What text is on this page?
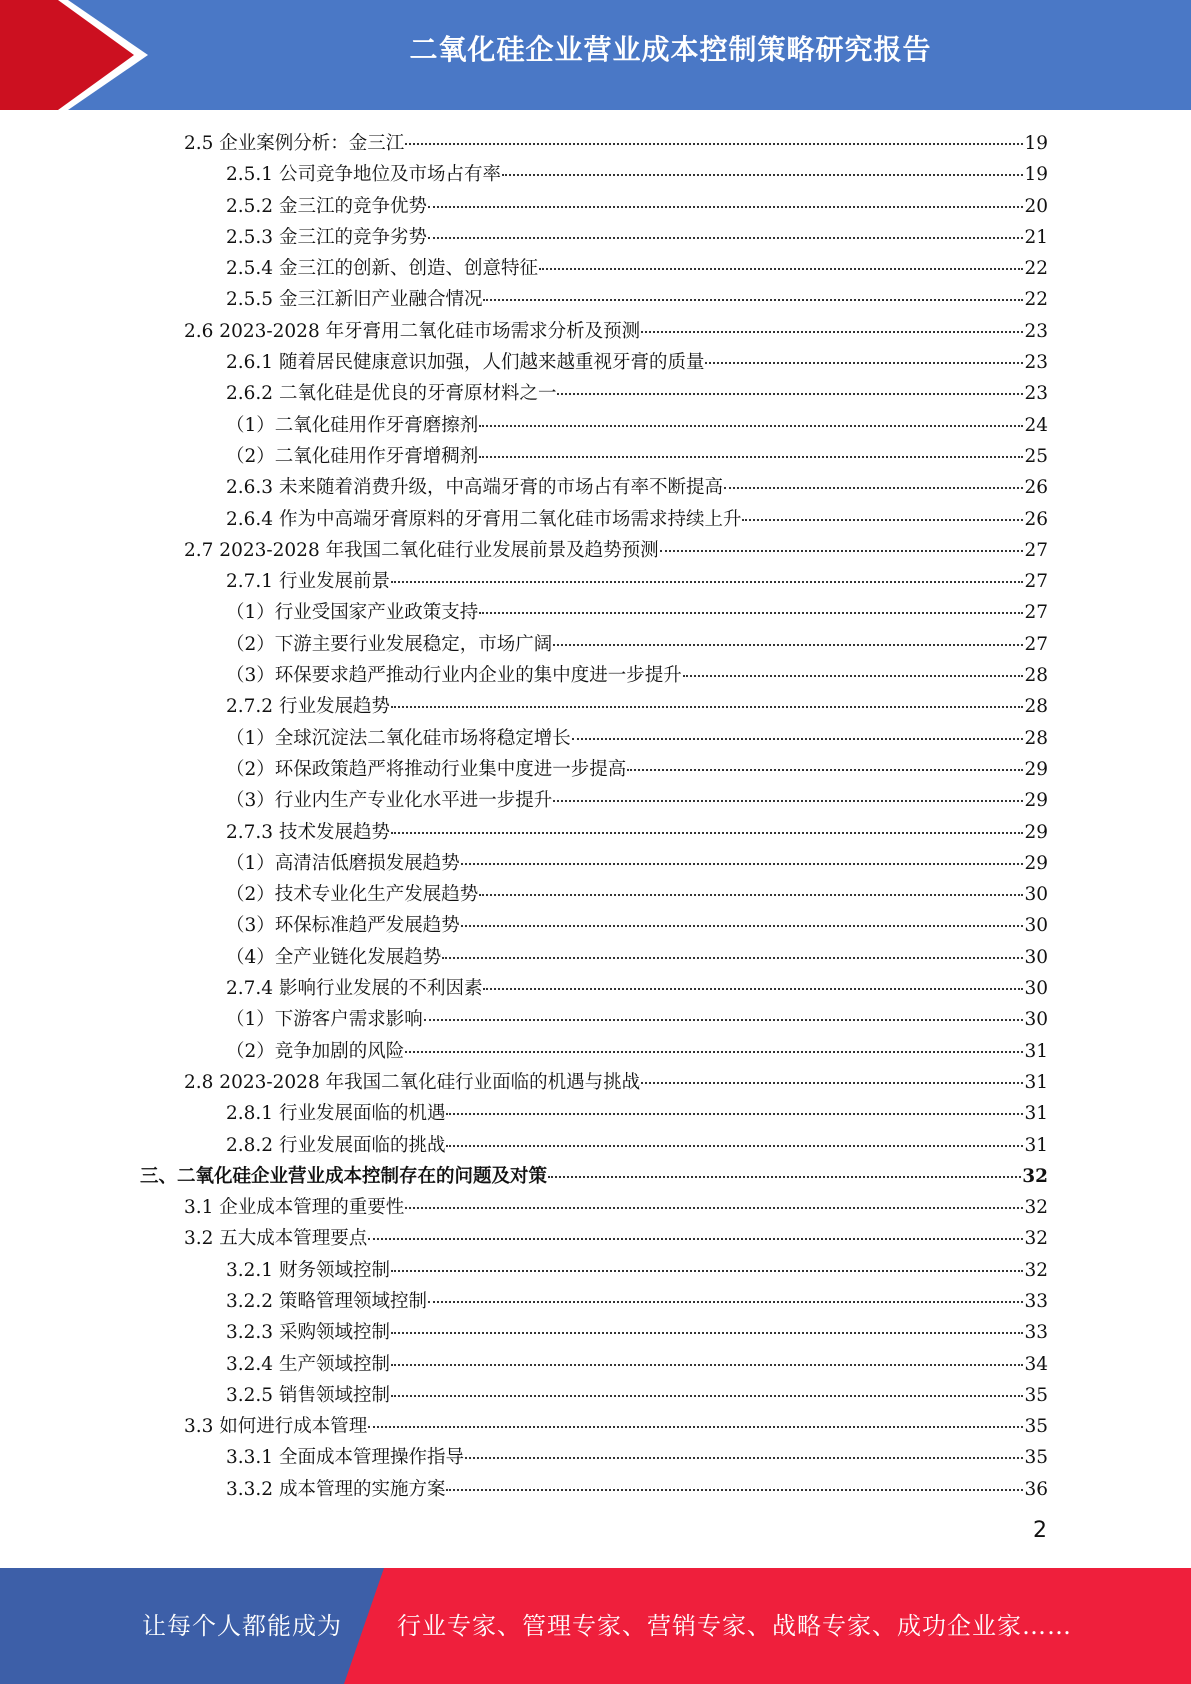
二氧化硅企业营业成本控制策略研究报告
2.5 企业案例分析：金三江	19
2.5.1 公司竞争地位及市场占有率	19
2.5.2 金三江的竞争优势	20
2.5.3 金三江的竞争劣势	21
2.5.4 金三江的创新、创造、创意特征	22
2.5.5 金三江新旧产业融合情况	22
2.6 2023-2028 年牙膏用二氧化硅市场需求分析及预测	23
2.6.1 随着居民健康意识加强，人们越来越重视牙膏的质量	23
2.6.2 二氧化硅是优良的牙膏原材料之一	23
（1）二氧化硅用作牙膏磨擦剂	24
（2）二氧化硅用作牙膏增稠剂	25
2.6.3 未来随着消费升级，中高端牙膏的市场占有率不断提高	26
2.6.4 作为中高端牙膏原料的牙膏用二氧化硅市场需求持续上升	26
2.7 2023-2028 年我国二氧化硅行业发展前景及趋势预测	27
2.7.1 行业发展前景	27
（1）行业受国家产业政策支持	27
（2）下游主要行业发展稳定，市场广阔	27
（3）环保要求趋严推动行业内企业的集中度进一步提升	28
2.7.2 行业发展趋势	28
（1）全球沉淀法二氧化硅市场将稳定增长	28
（2）环保政策趋严将推动行业集中度进一步提高	29
（3）行业内生产专业化水平进一步提升	29
2.7.3 技术发展趋势	29
（1）高清洁低磨损发展趋势	29
（2）技术专业化生产发展趋势	30
（3）环保标准趋严发展趋势	30
（4）全产业链化发展趋势	30
2.7.4 影响行业发展的不利因素	30
（1）下游客户需求影响	30
（2）竞争加剧的风险	31
2.8 2023-2028 年我国二氧化硅行业面临的机遇与挑战	31
2.8.1 行业发展面临的机遇	31
2.8.2 行业发展面临的挑战	31
三、二氧化硅企业营业成本控制存在的问题及对策	32
3.1 企业成本管理的重要性	32
3.2 五大成本管理要点	32
3.2.1 财务领域控制	32
3.2.2 策略管理领域控制	33
3.2.3 采购领域控制	33
3.2.4 生产领域控制	34
3.2.5 销售领域控制	35
3.3 如何进行成本管理	35
3.3.1 全面成本管理操作指导	35
3.3.2 成本管理的实施方案	36
2
让每个人都能成为 行业专家、管理专家、营销专家、战略专家、成功企业家……
